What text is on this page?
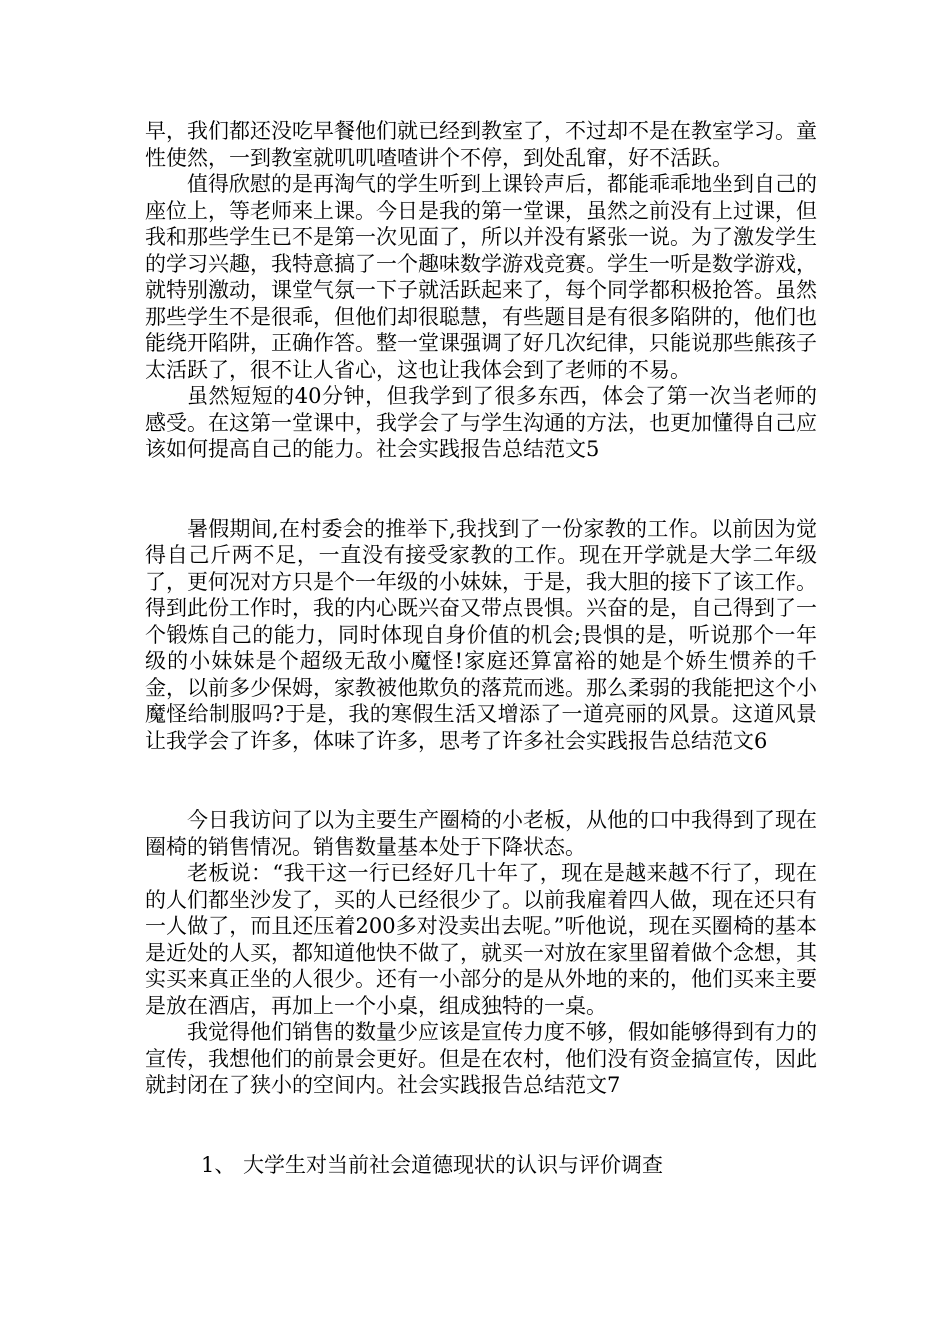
早，我们都还没吃早餐他们就已经到教室了，不过却不是在教室学习。童性使然，一到教室就叽叽喳喳讲个不停，到处乱窜，好不活跃。

值得欣慰的是再淘气的学生听到上课铃声后，都能乖乖地坐到自己的座位上，等老师来上课。今日是我的第一堂课，虽然之前没有上过课，但我和那些学生已不是第一次见面了，所以并没有紧张一说。为了激发学生的学习兴趣，我特意搞了一个趣味数学游戏竞赛。学生一听是数学游戏，就特别激动，课堂气氛一下子就活跃起来了，每个同学都积极抢答。虽然那些学生不是很乖，但他们却很聪慧，有些题目是有很多陷阱的，他们也能绕开陷阱，正确作答。整一堂课强调了好几次纪律，只能说那些熊孩子太活跃了，很不让人省心，这也让我体会到了老师的不易。

虽然短短的40分钟，但我学到了很多东西，体会了第一次当老师的感受。在这第一堂课中，我学会了与学生沟通的方法，也更加懂得自己应该如何提高自己的能力。社会实践报告总结范文5

暑假期间,在村委会的推举下,我找到了一份家教的工作。以前因为觉得自己斤两不足，一直没有接受家教的工作。现在开学就是大学二年级了，更何况对方只是个一年级的小妹妹，于是，我大胆的接下了该工作。得到此份工作时，我的内心既兴奋又带点畏惧。兴奋的是，自己得到了一个锻炼自己的能力，同时体现自身价值的机会;畏惧的是，听说那个一年级的小妹妹是个超级无敌小魔怪!家庭还算富裕的她是个娇生惯养的千金，以前多少保姆，家教被他欺负的落荒而逃。那么柔弱的我能把这个小魔怪给制服吗?于是，我的寒假生活又增添了一道亮丽的风景。这道风景让我学会了许多，体味了许多，思考了许多社会实践报告总结范文6

今日我访问了以为主要生产圈椅的小老板，从他的口中我得到了现在圈椅的销售情况。销售数量基本处于下降状态。

老板说：“我干这一行已经好几十年了，现在是越来越不行了，现在的人们都坐沙发了，买的人已经很少了。以前我雇着四人做，现在还只有一人做了，而且还压着200多对没卖出去呢。”听他说，现在买圈椅的基本是近处的人买，都知道他快不做了，就买一对放在家里留着做个念想，其实买来真正坐的人很少。还有一小部分的是从外地的来的，他们买来主要是放在酒店，再加上一个小桌，组成独特的一桌。

我觉得他们销售的数量少应该是宣传力度不够，假如能够得到有力的宣传，我想他们的前景会更好。但是在农村，他们没有资金搞宣传，因此就封闭在了狭小的空间内。社会实践报告总结范文7

1、 大学生对当前社会道德现状的认识与评价调查
